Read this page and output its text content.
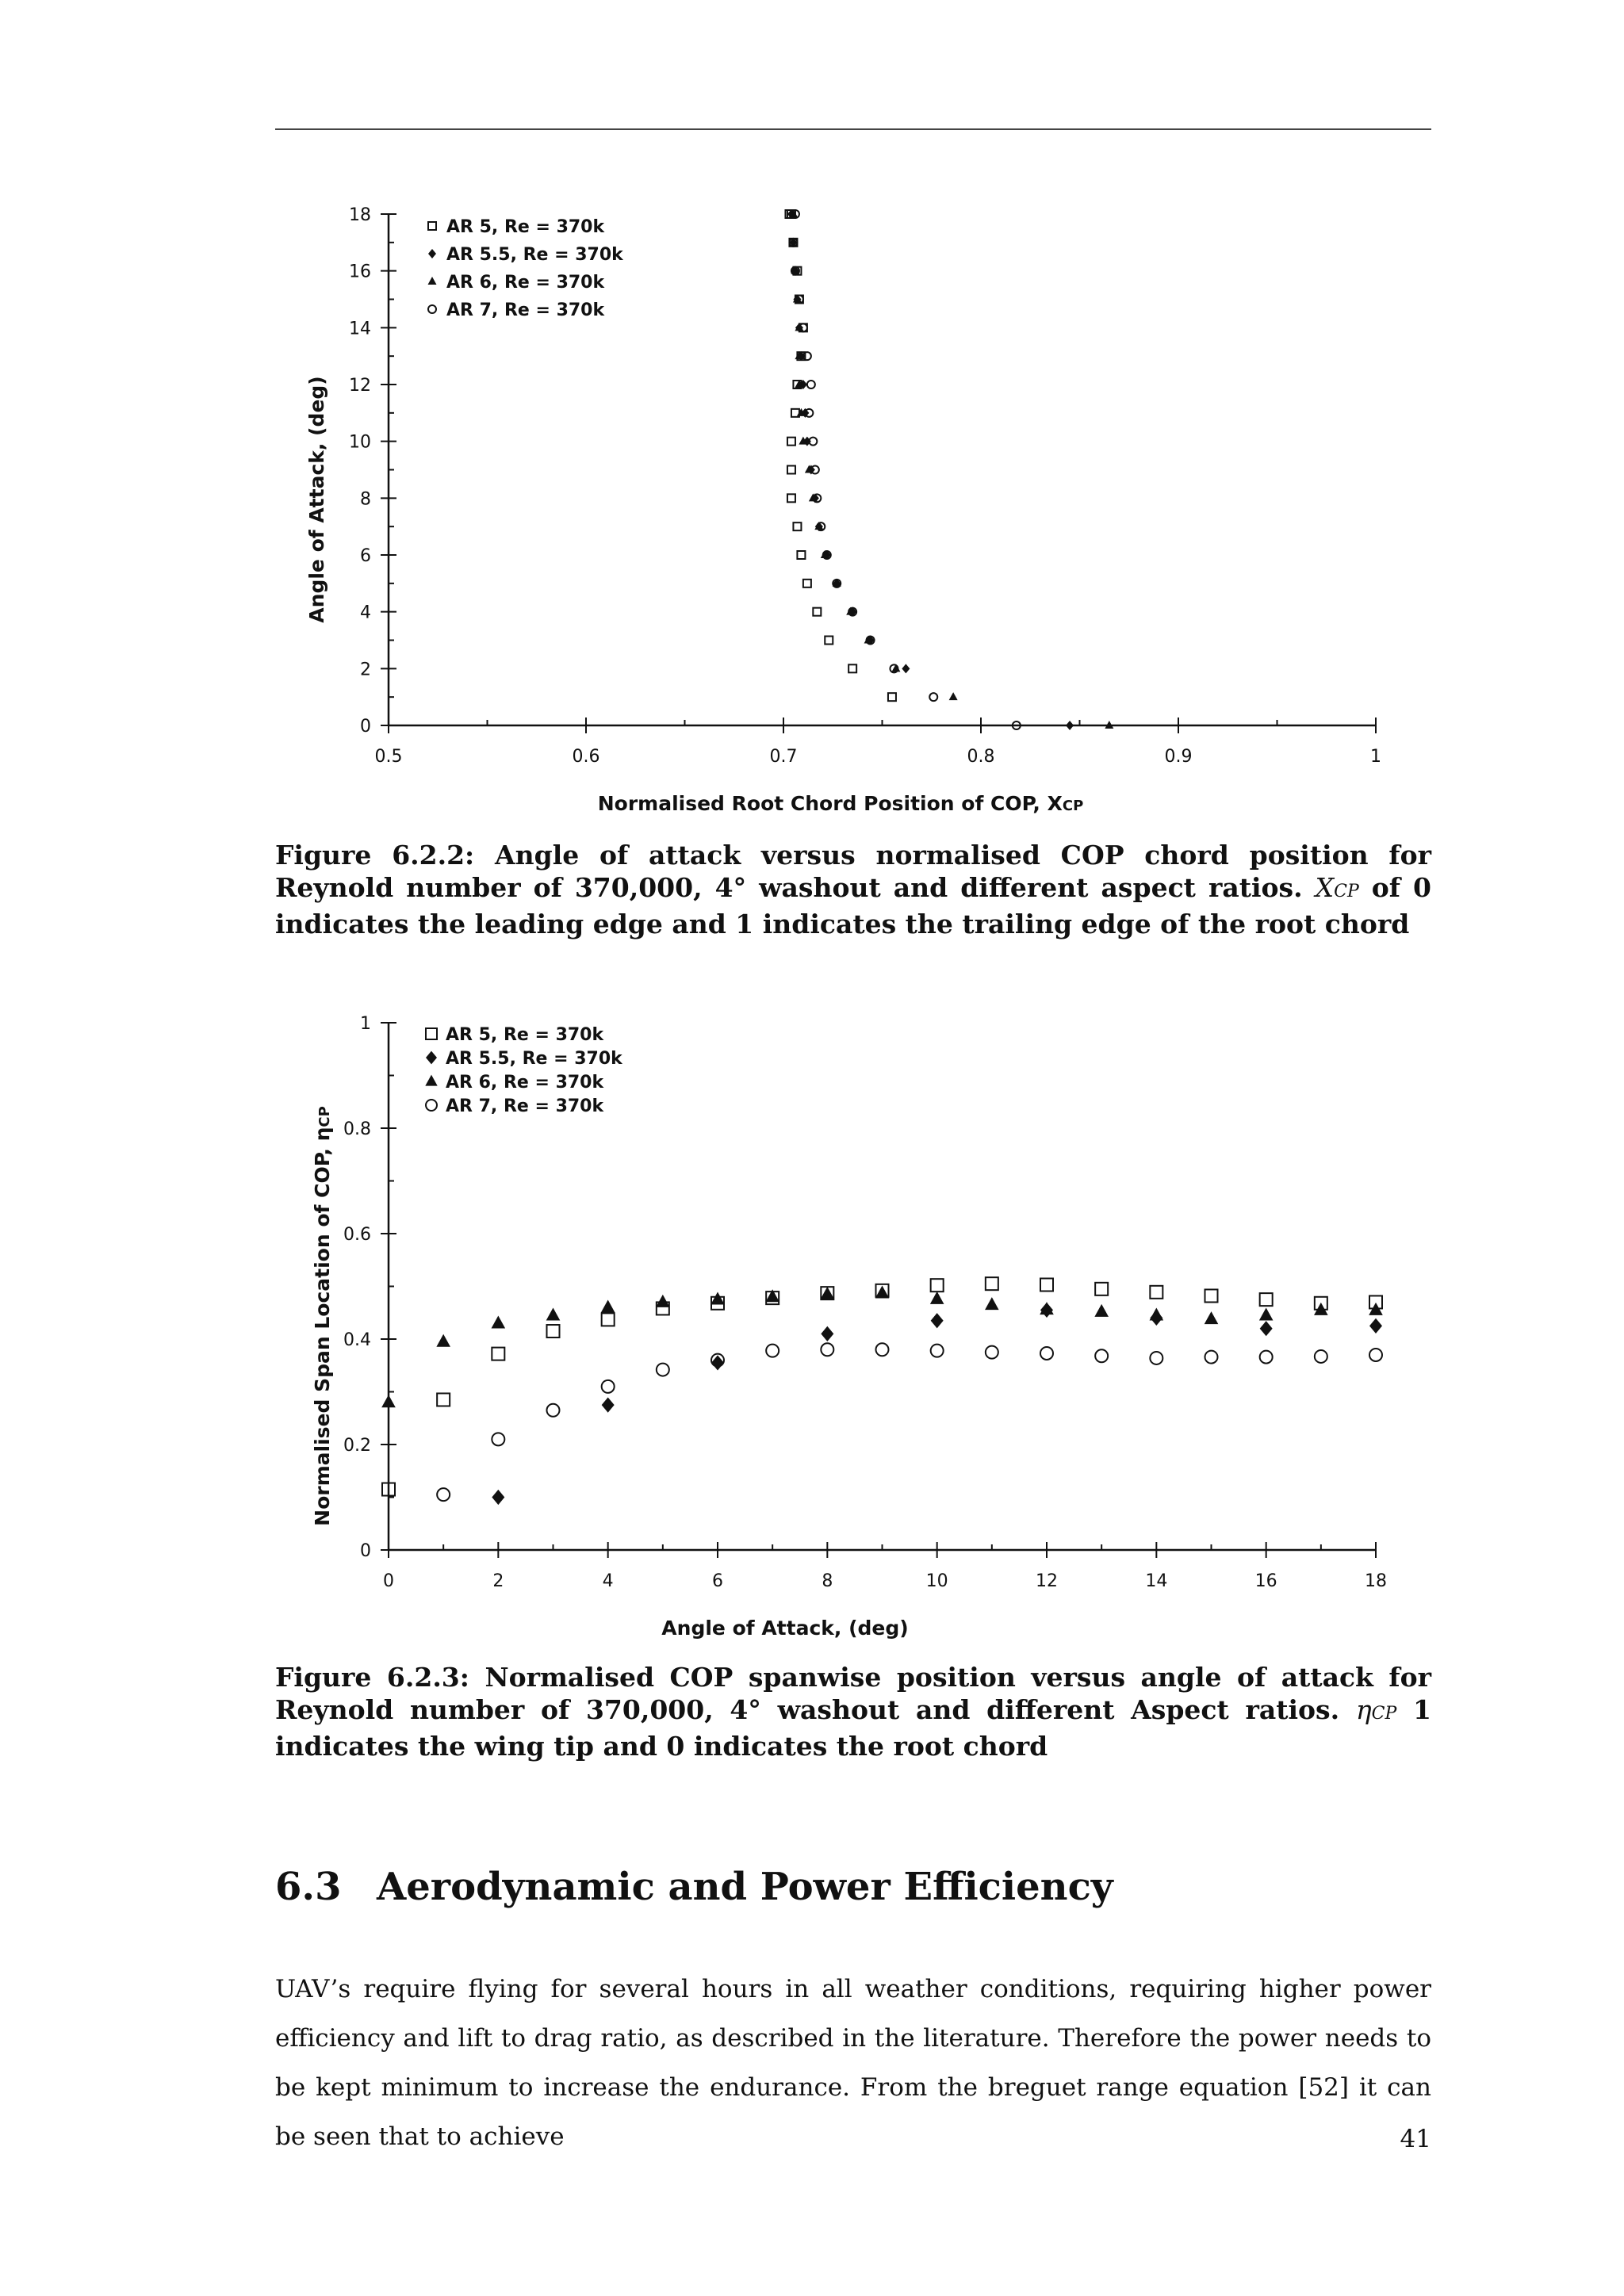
0
2
4
6
8
10
12
14
16
18
0.5	0.6	0.7	0.8	0.9	1
AR 5, Re = 370k
AR 5.5, Re = 370k
AR 6, Re = 370k
AR 7, Re = 370k
Angle of Attack, (deg)
Normalised Root Chord Position of COP, XCP
Figure 6.2.2: Angle of attack versus normalised COP chord position for Reynold number of 370,000, 4° washout and different aspect ratios. XCP of 0 indicates the leading edge and 1 indicates the trailing edge of the root chord
0
0.2
0.4
0.6
0.8
1
0	2	4	6	8	10	12	14	16	18
AR 5, Re = 370k
AR 5.5, Re = 370k
AR 6, Re = 370k
AR 7, Re = 370k
Normalised Span Location of COP, ηCP
Angle of Attack, (deg)
Figure 6.2.3: Normalised COP spanwise position versus angle of attack for Reynold number of 370,000, 4° washout and different Aspect ratios. ηCP 1 indicates the wing tip and 0 indicates the root chord
6.3 Aerodynamic and Power Efficiency
UAV’s require flying for several hours in all weather conditions, requiring higher power efficiency and lift to drag ratio, as described in the literature. Therefore the power needs to be kept minimum to increase the endurance. From the breguet range equation [52] it can be seen that to achieve	41
